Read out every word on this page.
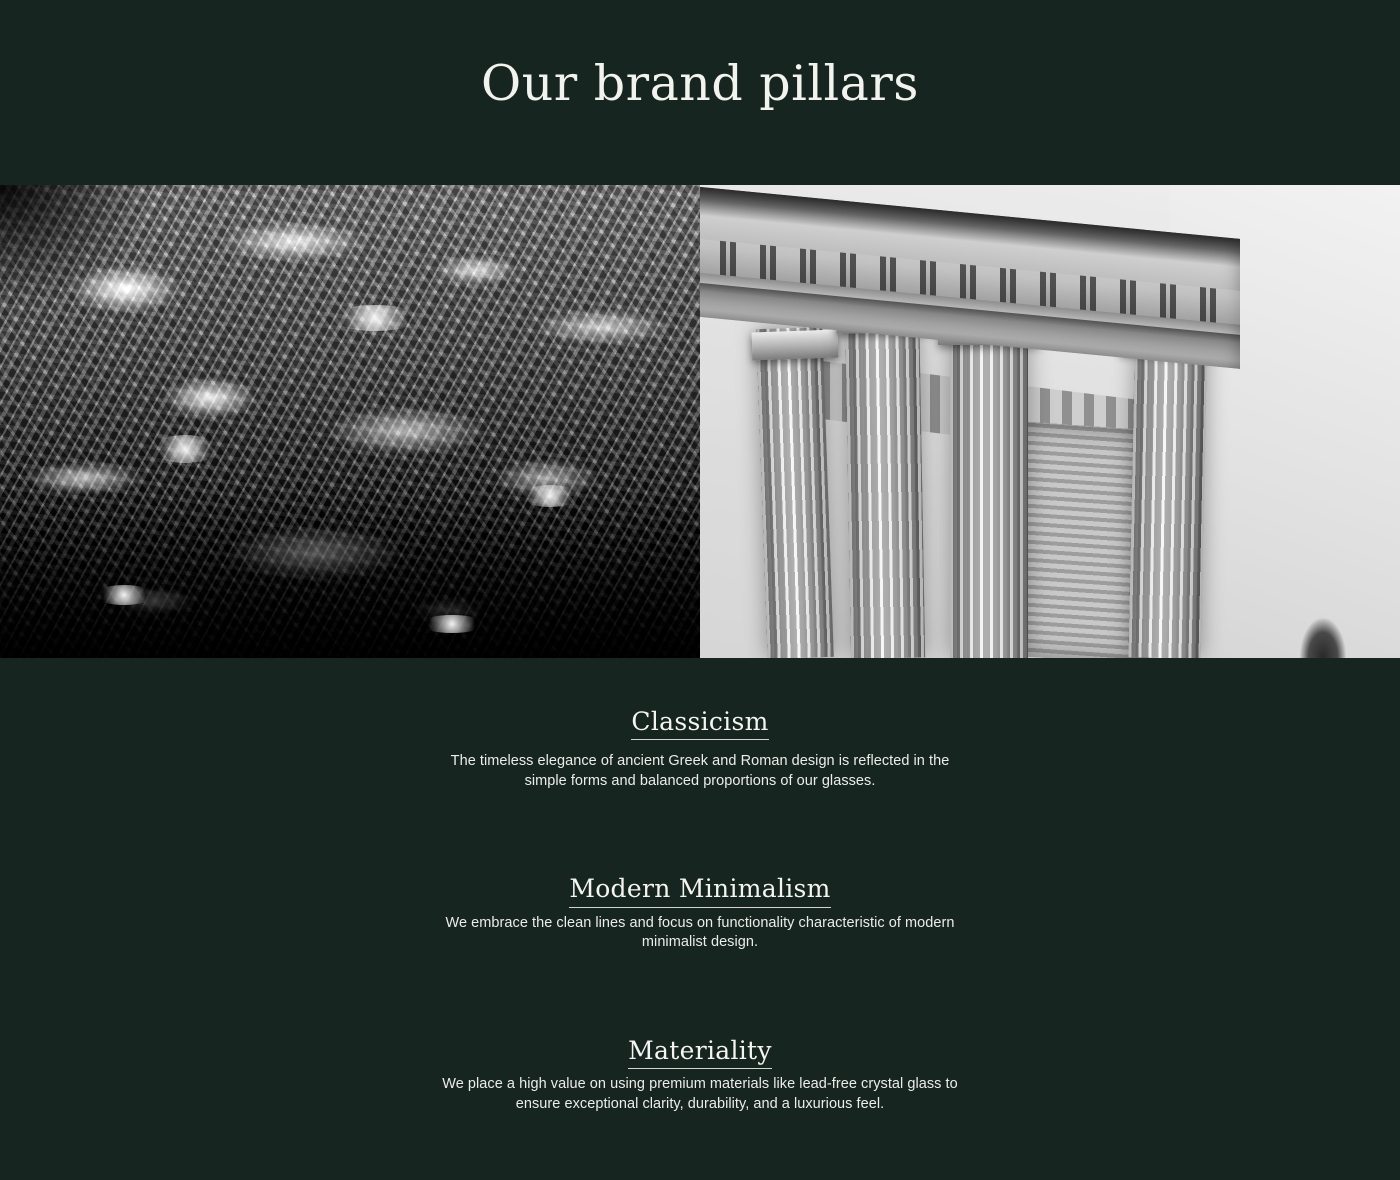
Our brand pillars
Classicism

The timeless elegance of ancient Greek and Roman design is reflected in the simple forms and balanced proportions of our glasses.

Modern Minimalism

We embrace the clean lines and focus on functionality characteristic of modern minimalist design.

Materiality

We place a high value on using premium materials like lead-free crystal glass to ensure exceptional clarity, durability, and a luxurious feel.
